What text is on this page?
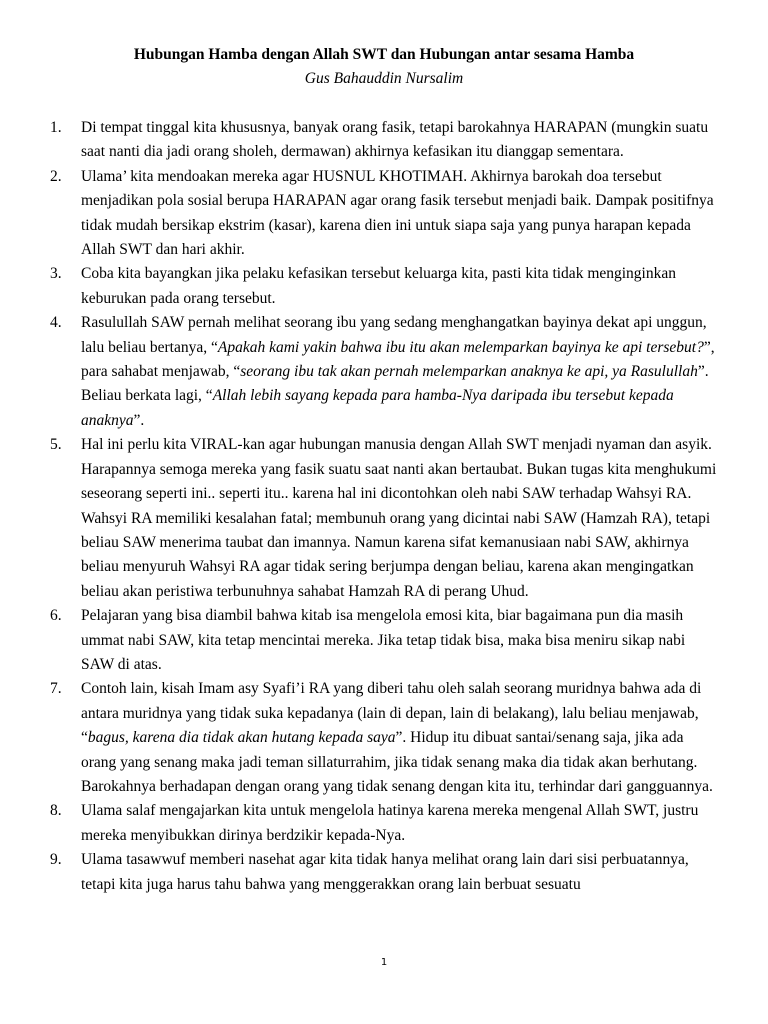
Hubungan Hamba dengan Allah SWT dan Hubungan antar sesama Hamba

Gus Bahauddin Nursalim

1. Di tempat tinggal kita khususnya, banyak orang fasik, tetapi barokahnya HARAPAN (mungkin suatu saat nanti dia jadi orang sholeh, dermawan) akhirnya kefasikan itu dianggap sementara.
2. Ulama’ kita mendoakan mereka agar HUSNUL KHOTIMAH. Akhirnya barokah doa tersebut menjadikan pola sosial berupa HARAPAN agar orang fasik tersebut menjadi baik. Dampak positifnya tidak mudah bersikap ekstrim (kasar), karena dien ini untuk siapa saja yang punya harapan kepada Allah SWT dan hari akhir.
3. Coba kita bayangkan jika pelaku kefasikan tersebut keluarga kita, pasti kita tidak menginginkan keburukan pada orang tersebut.
4. Rasulullah SAW pernah melihat seorang ibu yang sedang menghangatkan bayinya dekat api unggun, lalu beliau bertanya, “Apakah kami yakin bahwa ibu itu akan melemparkan bayinya ke api tersebut?”, para sahabat menjawab, “seorang ibu tak akan pernah melemparkan anaknya ke api, ya Rasulullah”. Beliau berkata lagi, “Allah lebih sayang kepada para hamba-Nya daripada ibu tersebut kepada anaknya”.
5. Hal ini perlu kita VIRAL-kan agar hubungan manusia dengan Allah SWT menjadi nyaman dan asyik. Harapannya semoga mereka yang fasik suatu saat nanti akan bertaubat. Bukan tugas kita menghukumi seseorang seperti ini.. seperti itu.. karena hal ini dicontohkan oleh nabi SAW terhadap Wahsyi RA. Wahsyi RA memiliki kesalahan fatal; membunuh orang yang dicintai nabi SAW (Hamzah RA), tetapi beliau SAW menerima taubat dan imannya. Namun karena sifat kemanusiaan nabi SAW, akhirnya beliau menyuruh Wahsyi RA agar tidak sering berjumpa dengan beliau, karena akan mengingatkan beliau akan peristiwa terbunuhnya sahabat Hamzah RA di perang Uhud.
6. Pelajaran yang bisa diambil bahwa kitab isa mengelola emosi kita, biar bagaimana pun dia masih ummat nabi SAW, kita tetap mencintai mereka. Jika tetap tidak bisa, maka bisa meniru sikap nabi SAW di atas.
7. Contoh lain, kisah Imam asy Syafi’i RA yang diberi tahu oleh salah seorang muridnya bahwa ada di antara muridnya yang tidak suka kepadanya (lain di depan, lain di belakang), lalu beliau menjawab, “bagus, karena dia tidak akan hutang kepada saya”. Hidup itu dibuat santai/senang saja, jika ada orang yang senang maka jadi teman sillaturrahim, jika tidak senang maka dia tidak akan berhutang. Barokahnya berhadapan dengan orang yang tidak senang dengan kita itu, terhindar dari gangguannya.
8. Ulama salaf mengajarkan kita untuk mengelola hatinya karena mereka mengenal Allah SWT, justru mereka menyibukkan dirinya berdzikir kepada-Nya.
9. Ulama tasawwuf memberi nasehat agar kita tidak hanya melihat orang lain dari sisi perbuatannya, tetapi kita juga harus tahu bahwa yang menggerakkan orang lain berbuat sesuatu
1
